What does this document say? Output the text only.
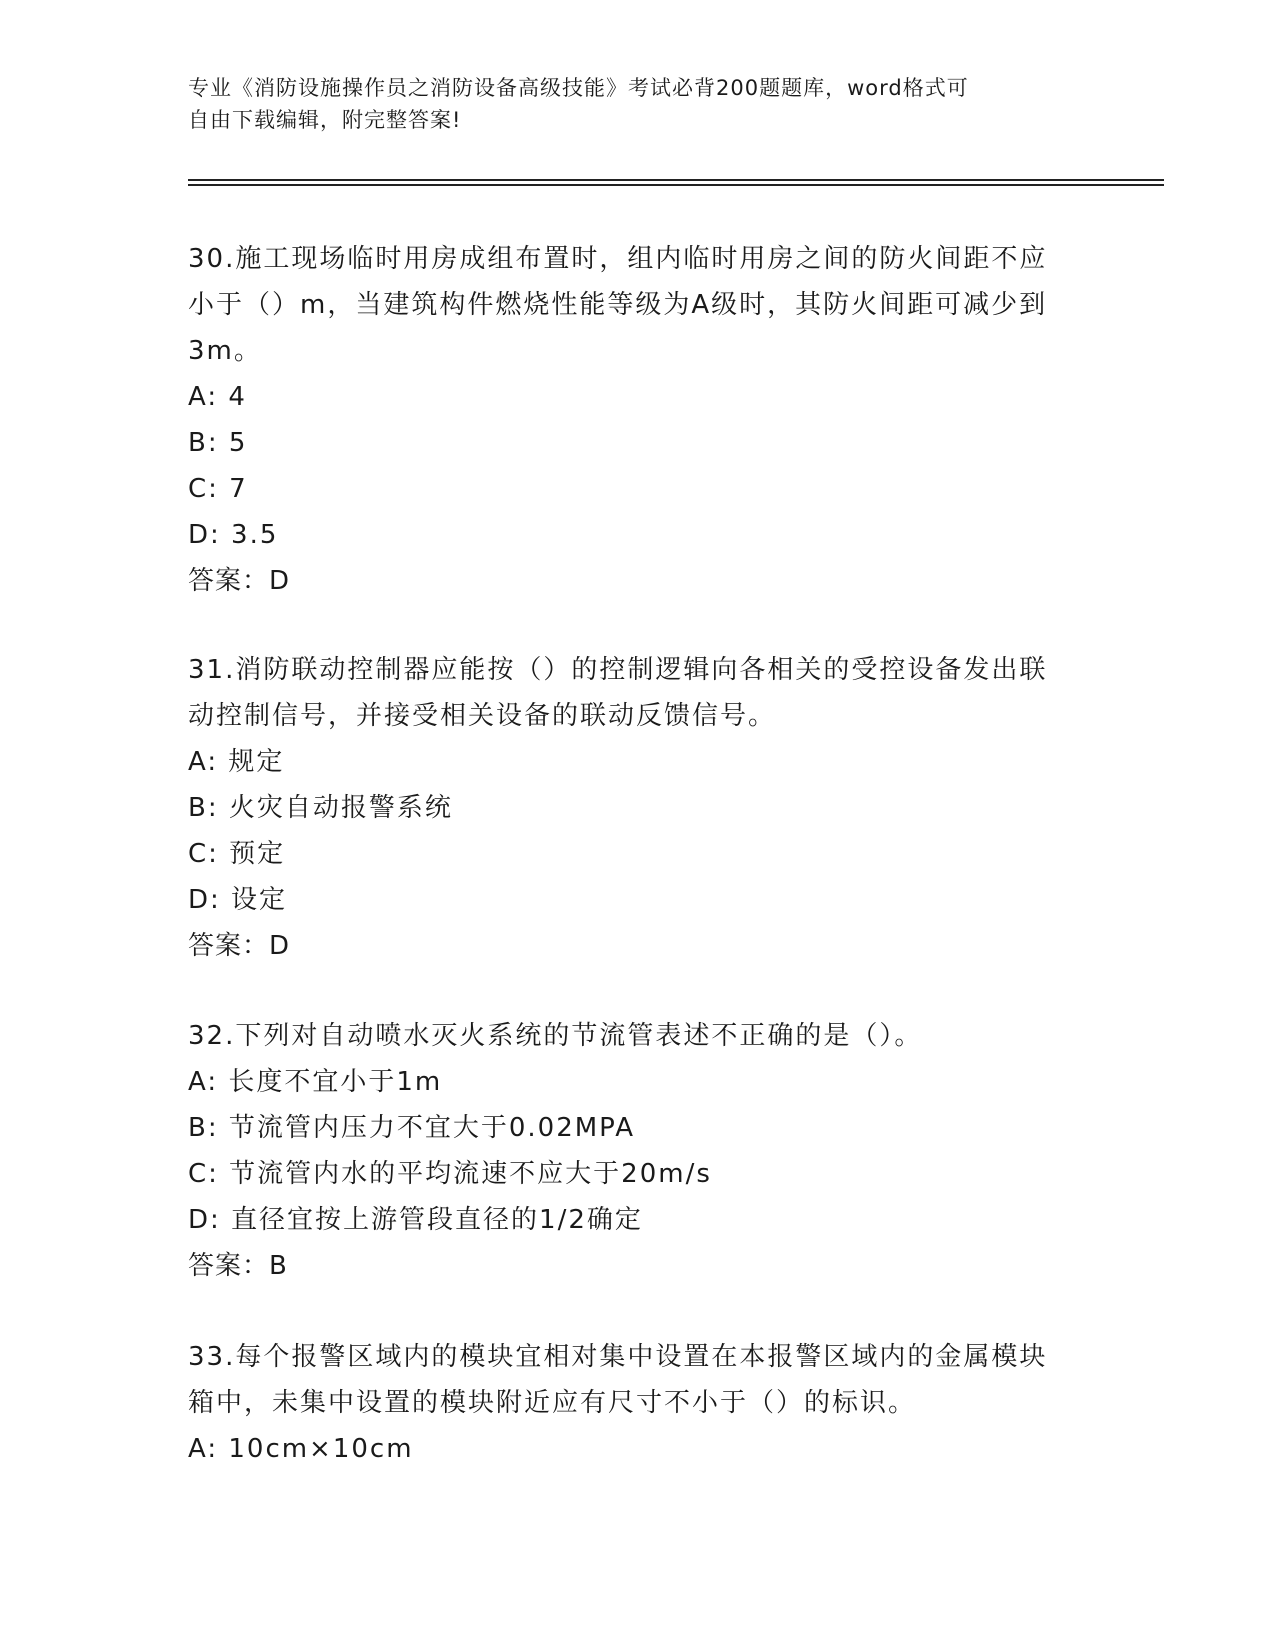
专业《消防设施操作员之消防设备高级技能》考试必背200题题库，word格式可
自由下载编辑，附完整答案!

30.施工现场临时用房成组布置时，组内临时用房之间的防火间距不应

小于（）m，当建筑构件燃烧性能等级为A级时，其防火间距可减少到

3m。

A: 4

B: 5

C: 7

D: 3.5

答案：D

31.消防联动控制器应能按（）的控制逻辑向各相关的受控设备发出联

动控制信号，并接受相关设备的联动反馈信号。

A: 规定

B: 火灾自动报警系统

C: 预定

D: 设定

答案：D

32.下列对自动喷水灭火系统的节流管表述不正确的是（）。

A: 长度不宜小于1m

B: 节流管内压力不宜大于0.02MPA

C: 节流管内水的平均流速不应大于20m/s

D: 直径宜按上游管段直径的1/2确定

答案：B

33.每个报警区域内的模块宜相对集中设置在本报警区域内的金属模块

箱中，未集中设置的模块附近应有尺寸不小于（）的标识。

A: 10cm×10cm
